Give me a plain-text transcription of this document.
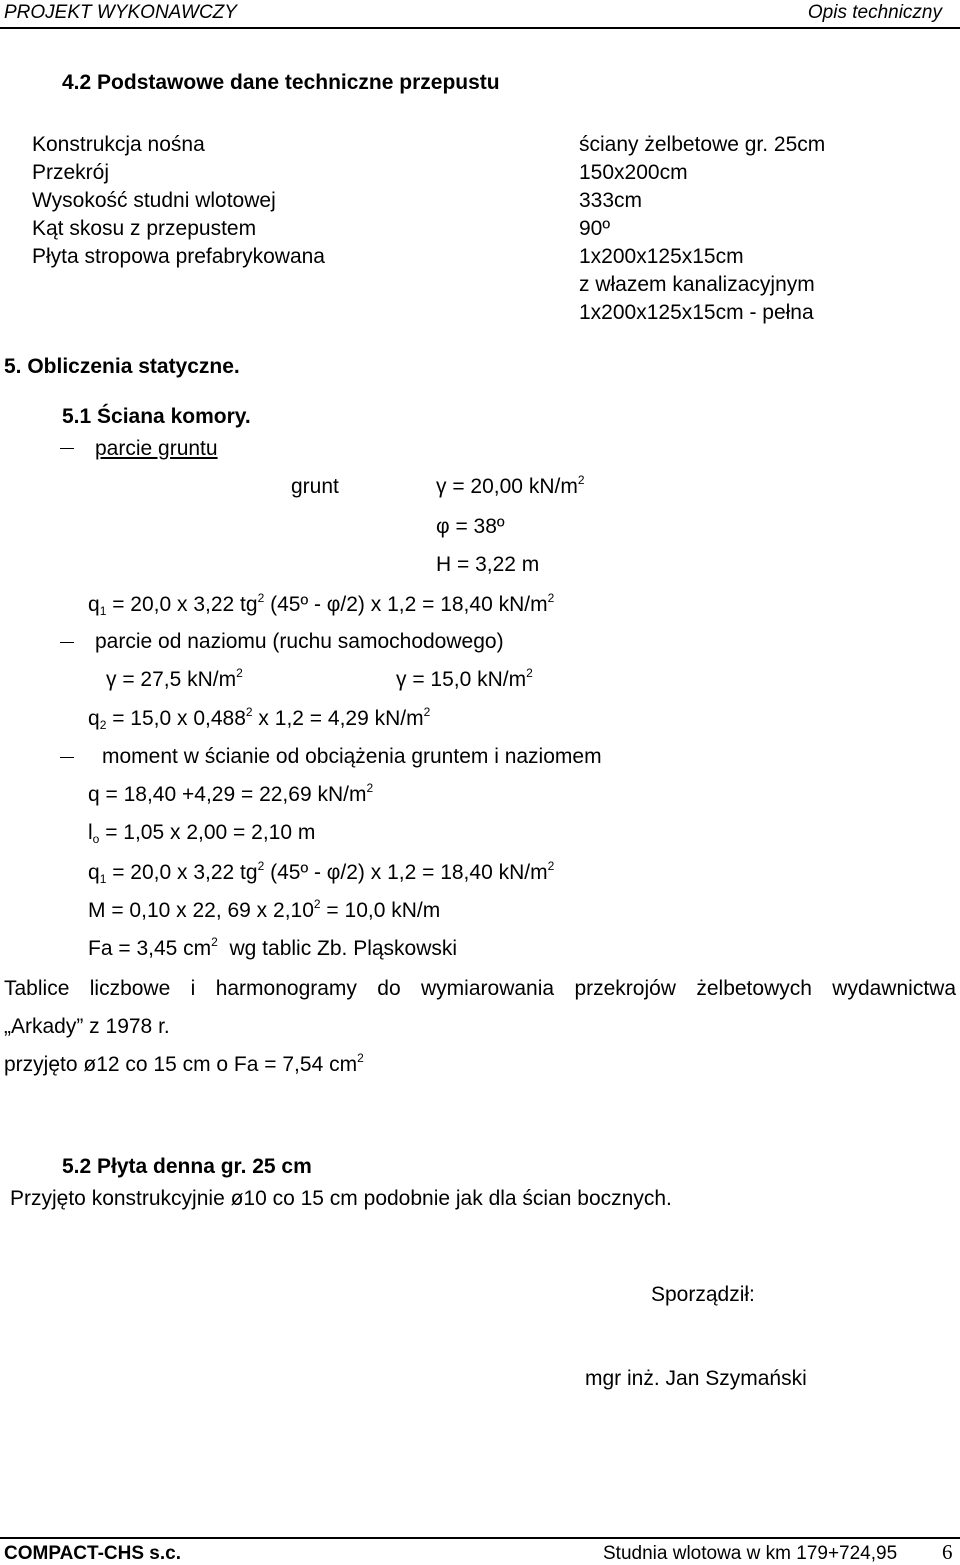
PROJEKT WYKONAWCZY	Opis techniczny
4.2 Podstawowe dane techniczne przepustu
Konstrukcja nośna	ściany żelbetowe gr. 25cm
Przekrój	150x200cm
Wysokość studni wlotowej	333cm
Kąt skosu z przepustem	90º
Płyta stropowa prefabrykowana	1x200x125x15cm
z włazem kanalizacyjnym
1x200x125x15cm - pełna
5. Obliczenia statyczne.
5.1 Ściana komory.
parcie gruntu
grunt	γ = 20,00 $kN/m^2$
φ = 38º
H = 3,22 m
$q_1 = 20,0$ x 3,22 $tg^2$ (45º - φ/2) x 1,2 = 18,40 $kN/m^2$
parcie od naziomu (ruchu samochodowego)
γ = 27,5 $kN/m^2$	γ = 15,0 $kN/m^2$
$q_2 = 15,0$ x 0,488$^2$ x 1,2 = 4,29 $kN/m^2$
moment w ścianie od obciążenia gruntem i naziomem
q = 18,40 +4,29 = 22,69 $kN/m^2$
$l_o = 1,05$ x 2,00 = 2,10 m
$q_1 = 20,0$ x 3,22 $tg^2$ (45º - φ/2) x 1,2 = 18,40 $kN/m^2$
M = 0,10 x 22, 69 x $2,10^2 = 10,0$ kN/m
Fa = 3,45 $cm^2$  wg tablic Zb. Pląskowski
Tablice liczbowe i harmonogramy do wymiarowania przekrojów żelbetowych wydawnictwa
„Arkady” z 1978 r.
przyjęto ø12 co 15 cm o Fa = 7,54 $cm^2$
5.2 Płyta denna gr. 25 cm
Przyjęto konstrukcyjnie ø10 co 15 cm podobnie jak dla ścian bocznych.
Sporządził:
mgr inż. Jan Szymański
COMPACT-CHS s.c.	Studnia wlotowa w km 179+724,95 6
